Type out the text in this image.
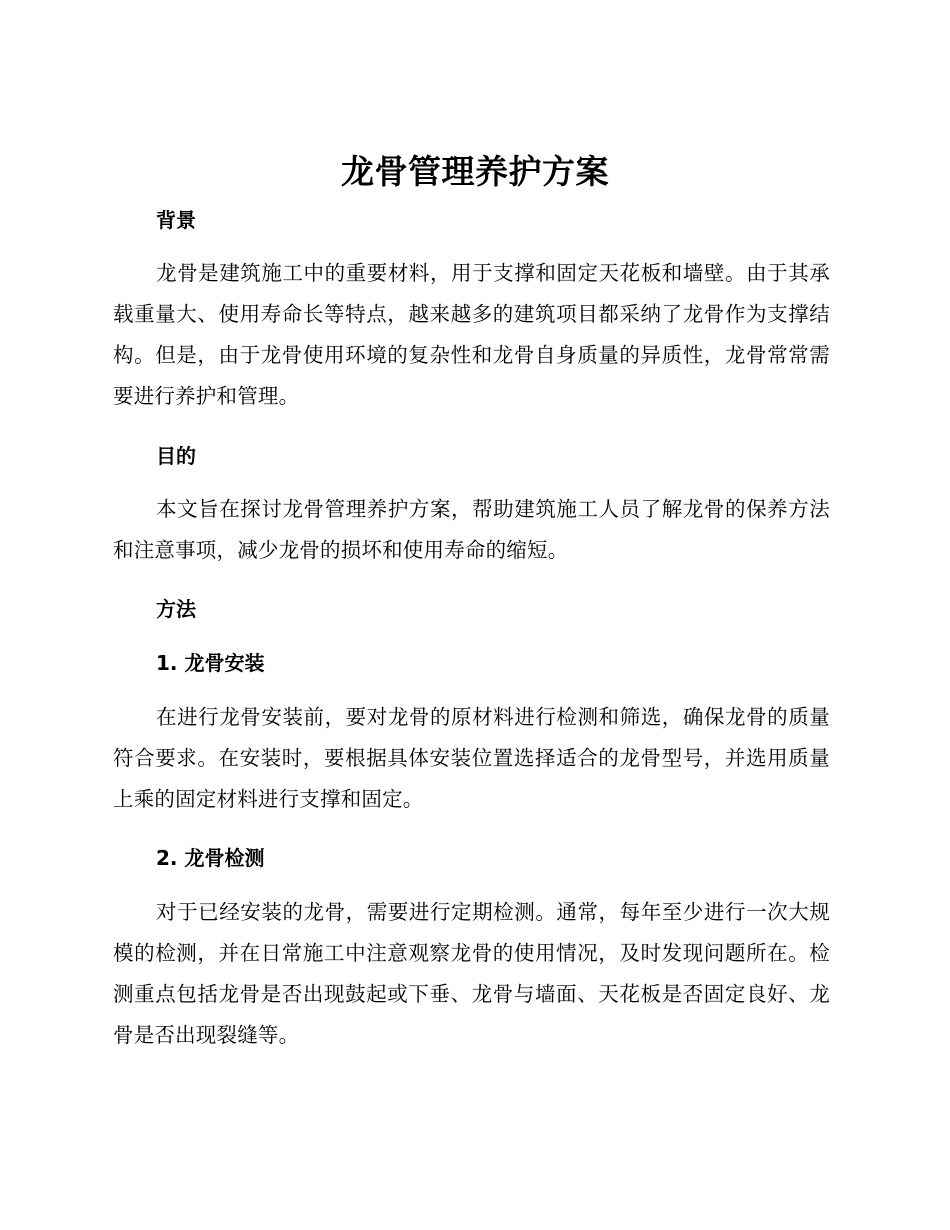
龙骨管理养护方案
背景
龙骨是建筑施工中的重要材料，用于支撑和固定天花板和墙壁。由于其承载重量大、使用寿命长等特点，越来越多的建筑项目都采纳了龙骨作为支撑结构。但是，由于龙骨使用环境的复杂性和龙骨自身质量的异质性，龙骨常常需要进行养护和管理。
目的
本文旨在探讨龙骨管理养护方案，帮助建筑施工人员了解龙骨的保养方法和注意事项，减少龙骨的损坏和使用寿命的缩短。
方法
1. 龙骨安装
在进行龙骨安装前，要对龙骨的原材料进行检测和筛选，确保龙骨的质量符合要求。在安装时，要根据具体安装位置选择适合的龙骨型号，并选用质量上乘的固定材料进行支撑和固定。
2. 龙骨检测
对于已经安装的龙骨，需要进行定期检测。通常，每年至少进行一次大规模的检测，并在日常施工中注意观察龙骨的使用情况，及时发现问题所在。检测重点包括龙骨是否出现鼓起或下垂、龙骨与墙面、天花板是否固定良好、龙骨是否出现裂缝等。
